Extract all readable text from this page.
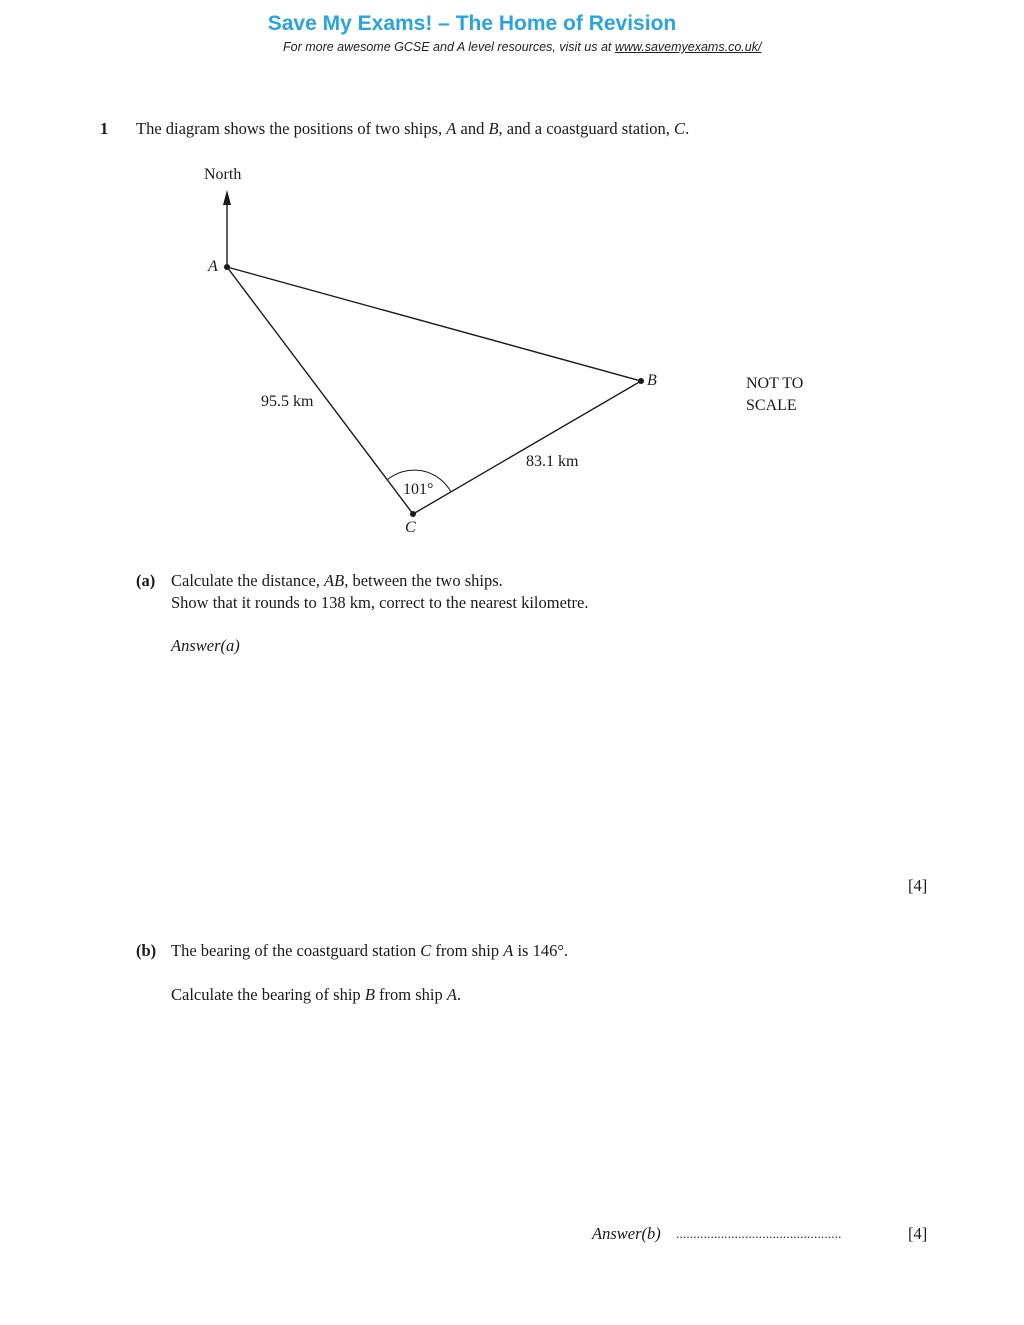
Save My Exams! – The Home of Revision
For more awesome GCSE and A level resources, visit us at www.savemyexams.co.uk/
1 The diagram shows the positions of two ships, A and B, and a coastguard station, C.
North
A
B
C
95.5 km
83.1 km
101°
NOT TO
SCALE
(a) Calculate the distance, AB, between the two ships.
Show that it rounds to 138 km, correct to the nearest kilometre.
Answer(a)
[4]
(b) The bearing of the coastguard station C from ship A is 146°.
Calculate the bearing of ship B from ship A.
Answer(b) ................................................	[4]
